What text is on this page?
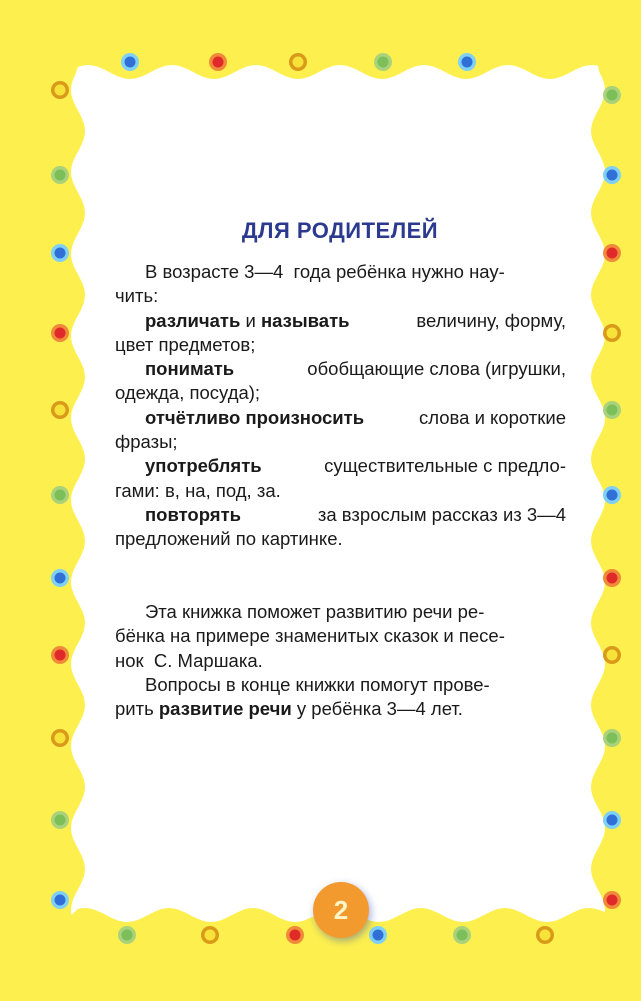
ДЛЯ РОДИТЕЛЕЙ
В возрасте 3—4  года ребёнка нужно нау-
чить:
различать и называть	величину, форму,
цвет предметов;
понимать	обобщающие слова (игрушки,
одежда, посуда);
отчётливо произносить	слова и короткие
фразы;
употреблять	существительные с предло-
гами: в, на, под, за.
повторять	за взрослым рассказ из 3—4
предложений по картинке.
Эта книжка поможет развитию речи ре-
бёнка на примере знаменитых сказок и песе-
нок  С. Маршака.
Вопросы в конце книжки помогут прове-
рить развитие речи у ребёнка 3—4 лет.
2
